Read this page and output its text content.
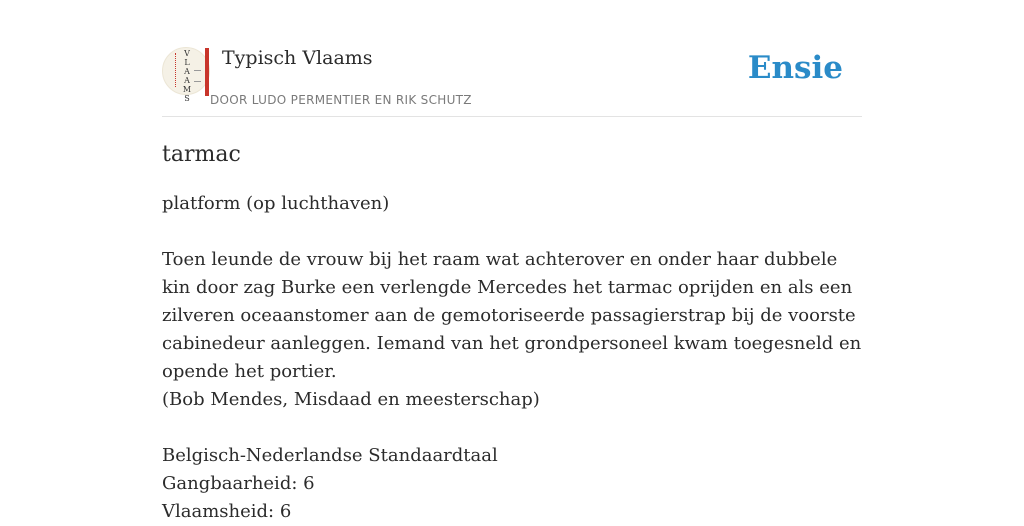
V
L
A
A
M
S
Typisch Vlaams
DOOR LUDO PERMENTIER EN RIK SCHUTZ
Ensie
tarmac

platform (op luchthaven)

Toen leunde de vrouw bij het raam wat achterover en onder haar dubbele kin door zag Burke een verlengde Mercedes het tarmac oprijden en als een zilveren oceaanstomer aan de gemotoriseerde passagierstrap bij de voorste cabinedeur aanleggen. Iemand van het grondpersoneel kwam toegesneld en opende het portier.

(Bob Mendes, Misdaad en meesterschap)

Belgisch-Nederlandse Standaardtaal

Gangbaarheid: 6

Vlaamsheid: 6
